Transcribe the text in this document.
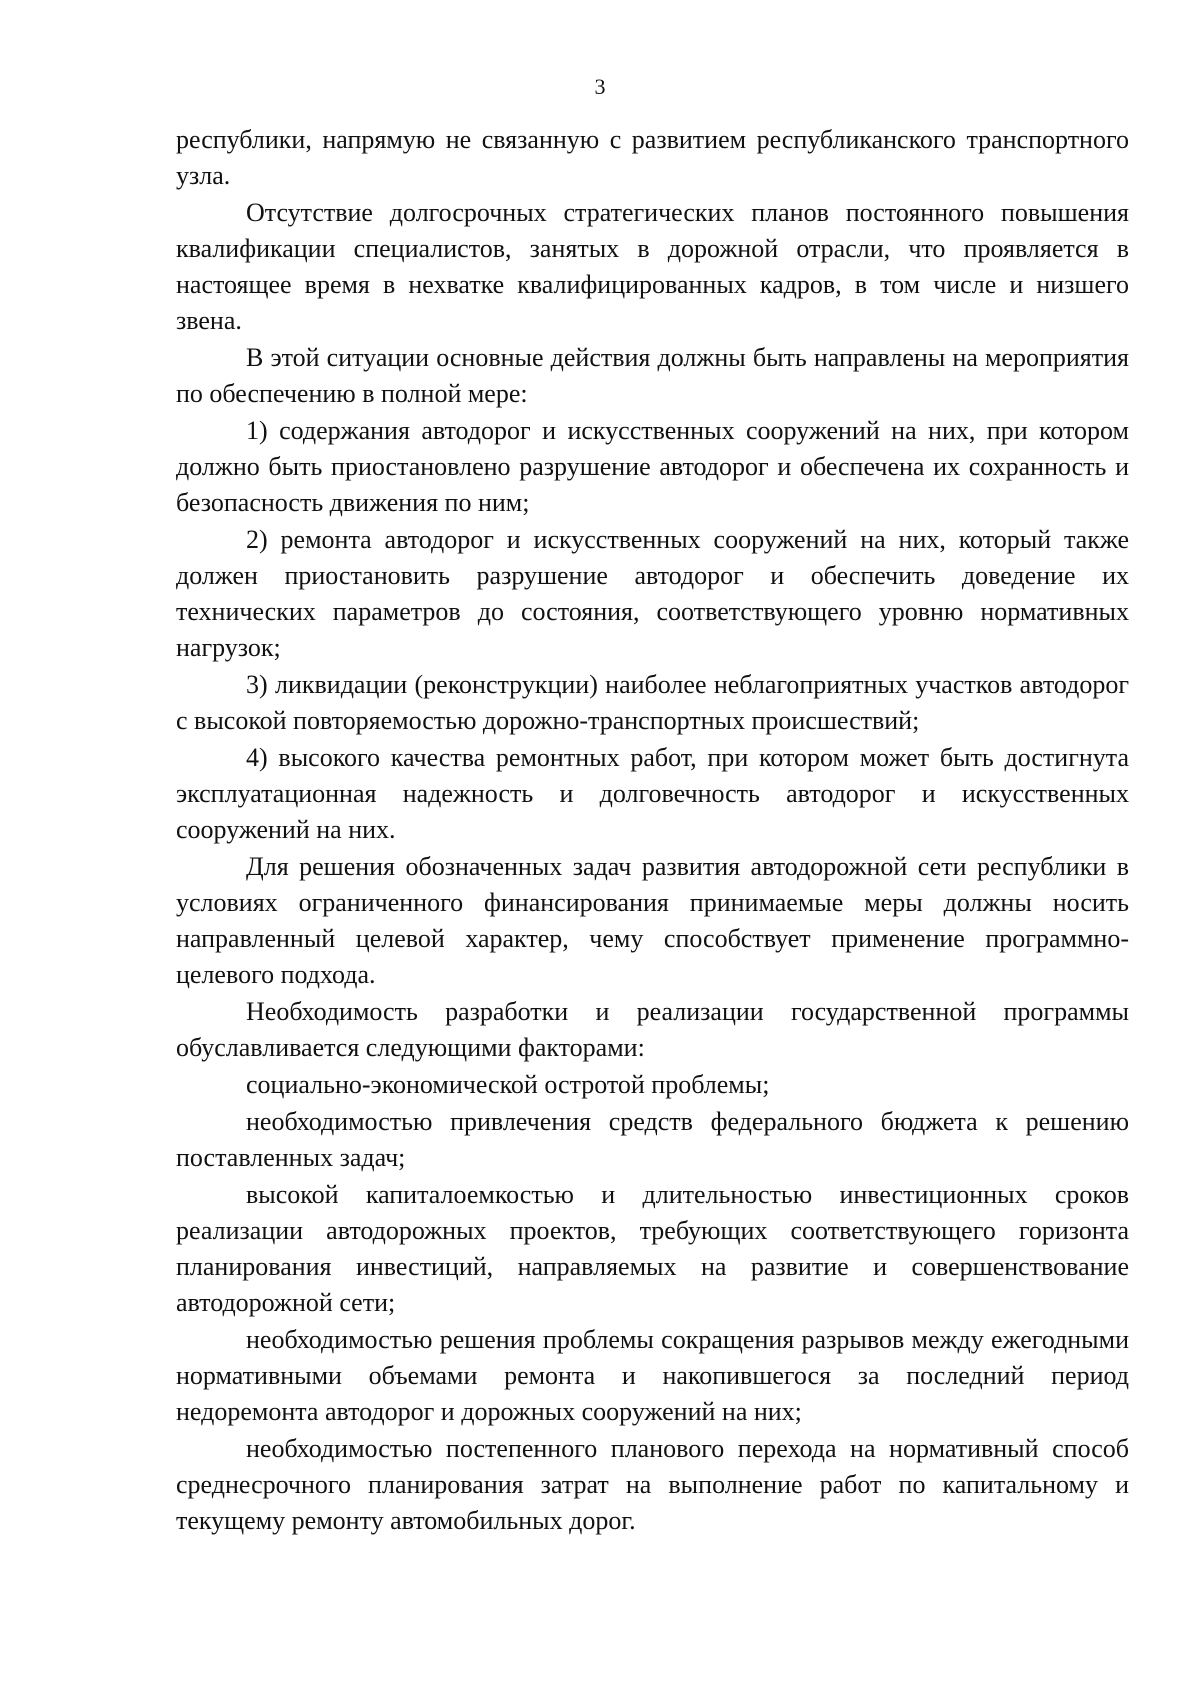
3

республики, напрямую не связанную с развитием республиканского транспортного узла.

Отсутствие долгосрочных стратегических планов постоянного повышения квалификации специалистов, занятых в дорожной отрасли, что проявляется в настоящее время в нехватке квалифицированных кадров, в том числе и низшего звена.

В этой ситуации основные действия должны быть направлены на мероприятия по обеспечению в полной мере:

1) содержания автодорог и искусственных сооружений на них, при котором должно быть приостановлено разрушение автодорог и обеспечена их сохранность и безопасность движения по ним;

2) ремонта автодорог и искусственных сооружений на них, который также должен приостановить разрушение автодорог и обеспечить доведение их технических параметров до состояния, соответствующего уровню нормативных нагрузок;

3) ликвидации (реконструкции) наиболее неблагоприятных участков автодорог с высокой повторяемостью дорожно-транспортных происшествий;

4) высокого качества ремонтных работ, при котором может быть достигнута эксплуатационная надежность и долговечность автодорог и искусственных сооружений на них.

Для решения обозначенных задач развития автодорожной сети республики в условиях ограниченного финансирования принимаемые меры должны носить направленный целевой характер, чему способствует применение программно-целевого подхода.

Необходимость разработки и реализации государственной программы обуславливается следующими факторами:

социально-экономической остротой проблемы;

необходимостью привлечения средств федерального бюджета к решению поставленных задач;

высокой капиталоемкостью и длительностью инвестиционных сроков реализации автодорожных проектов, требующих соответствующего горизонта планирования инвестиций, направляемых на развитие и совершенствование автодорожной сети;

необходимостью решения проблемы сокращения разрывов между ежегодными нормативными объемами ремонта и накопившегося за последний период недоремонта автодорог и дорожных сооружений на них;

необходимостью постепенного планового перехода на нормативный способ среднесрочного планирования затрат на выполнение работ по капитальному и текущему ремонту автомобильных дорог.
